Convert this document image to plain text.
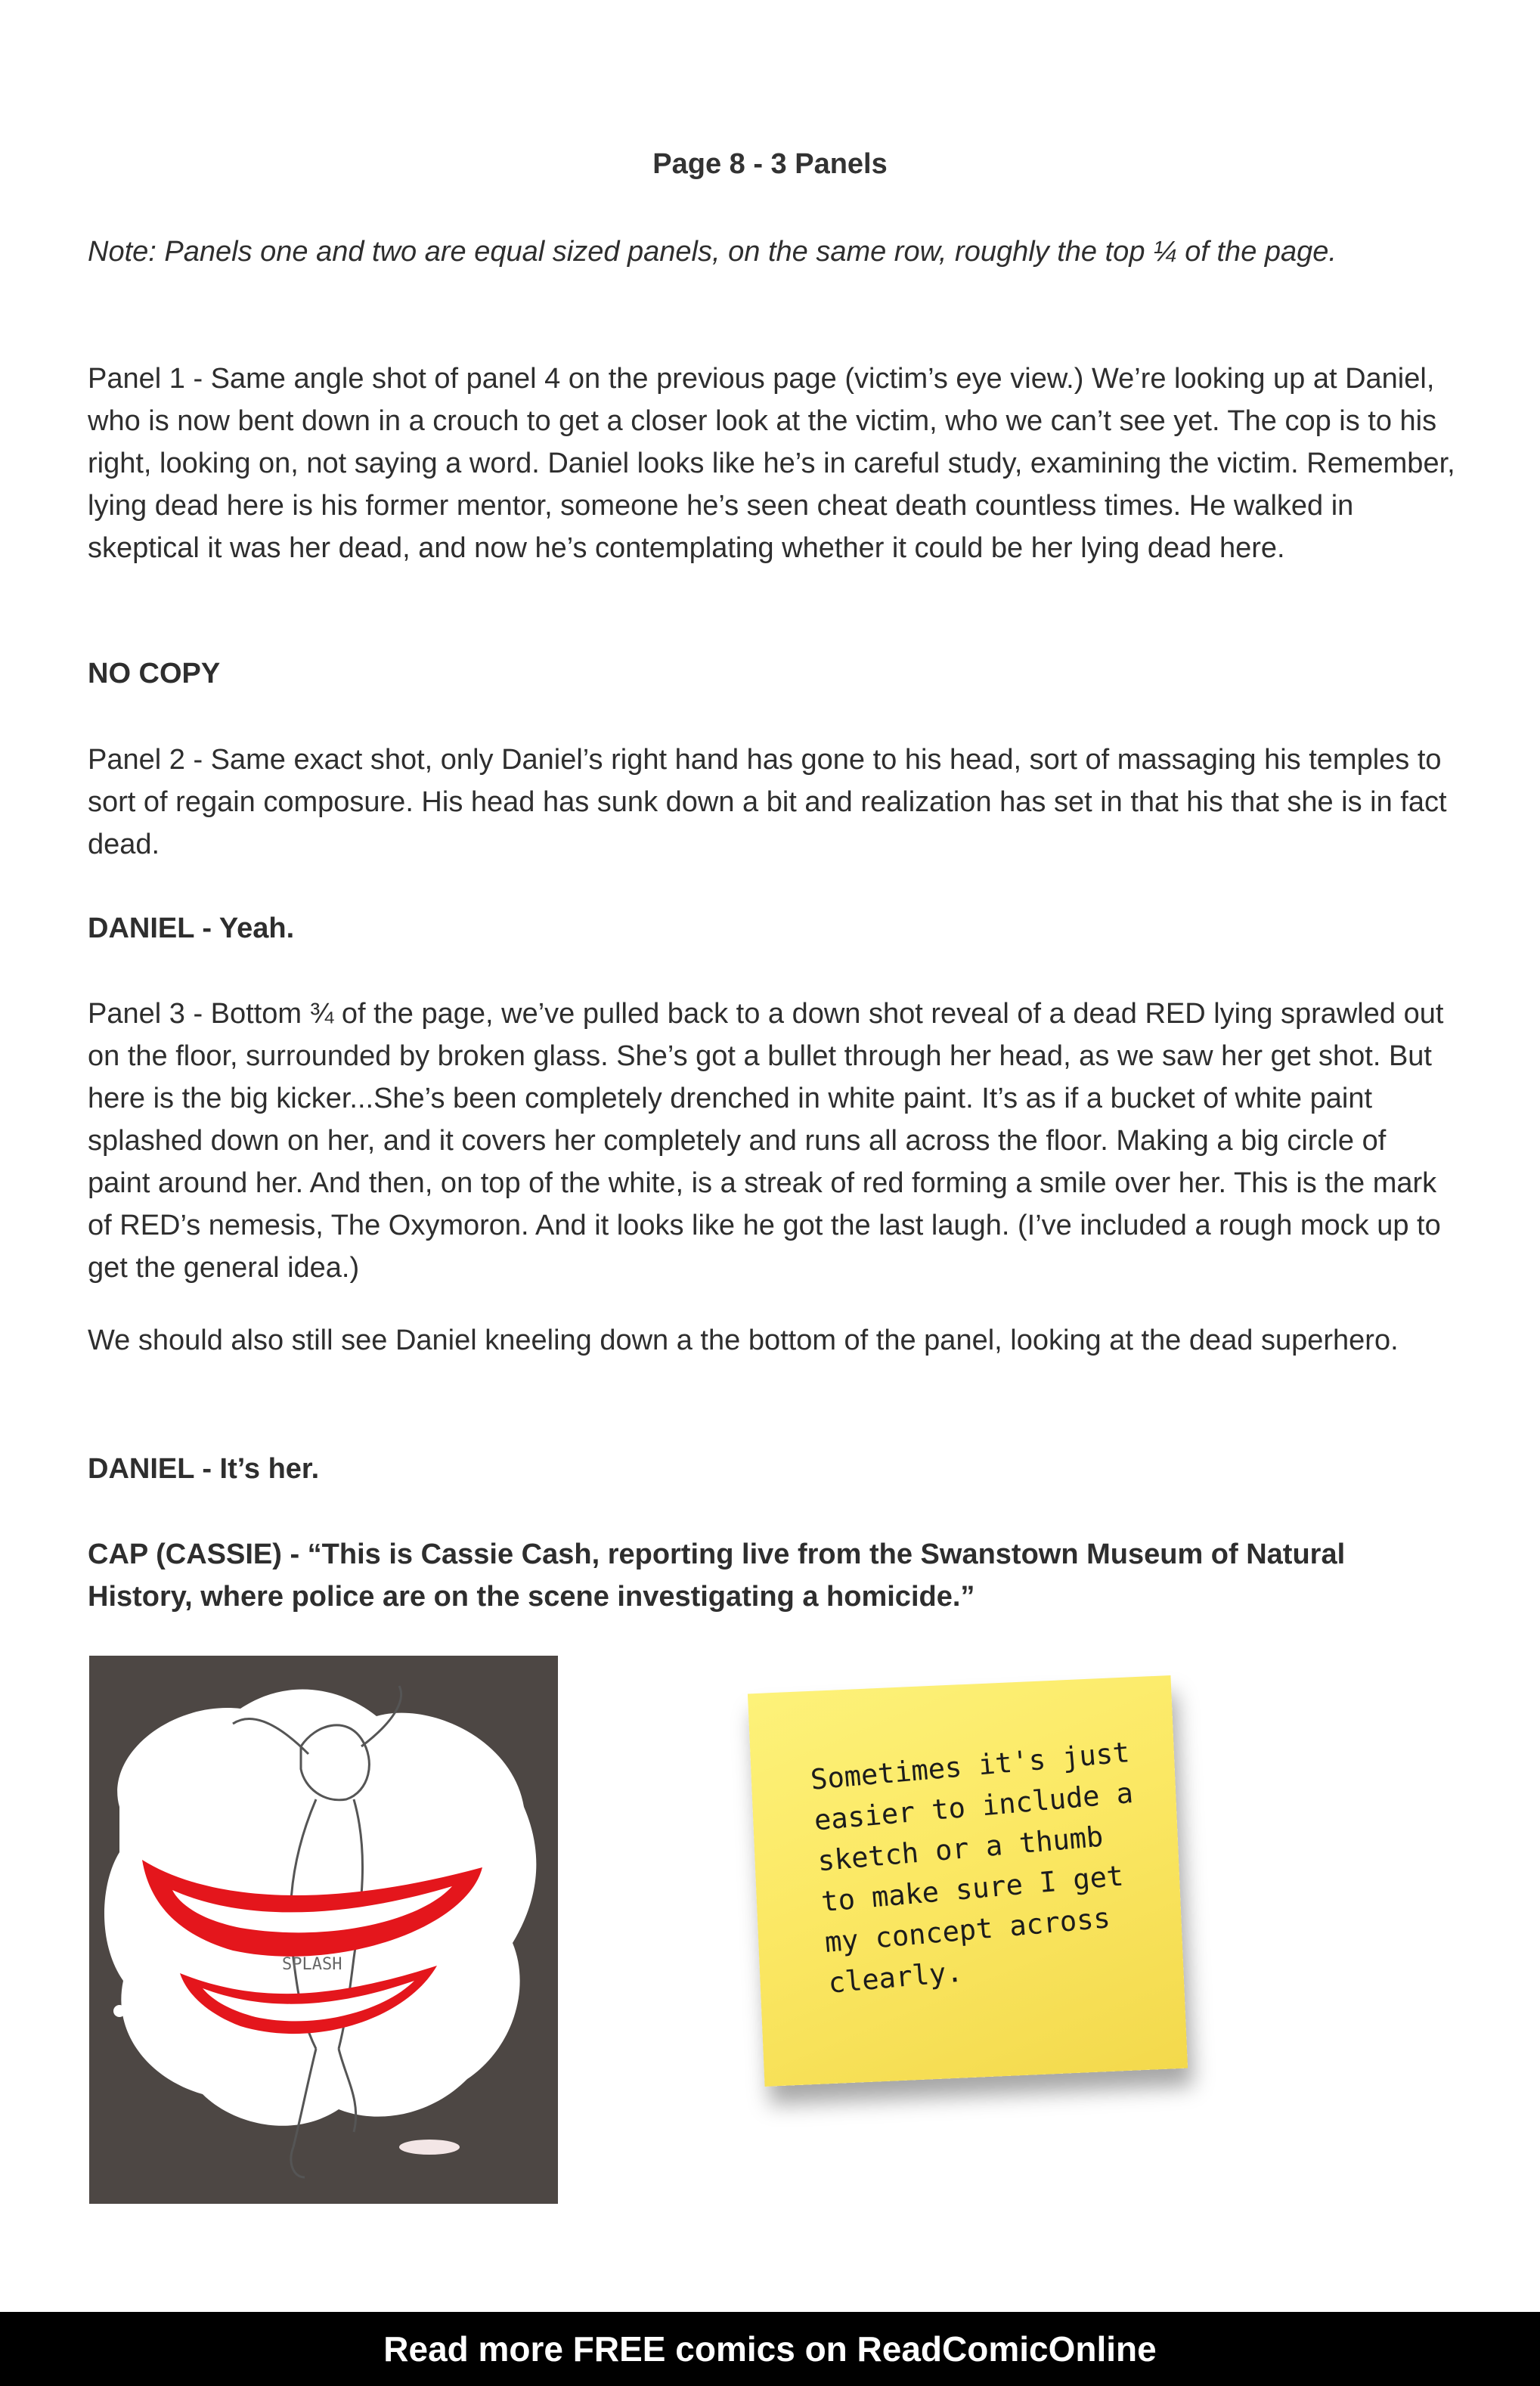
Page 8 - 3 Panels

Note: Panels one and two are equal sized panels, on the same row, roughly the top ¼ of the page.

Panel 1 - Same angle shot of panel 4 on the previous page (victim’s eye view.) We’re looking up at Daniel, who is now bent down in a crouch to get a closer look at the victim, who we can’t see yet. The cop is to his right, looking on, not saying a word. Daniel looks like he’s in careful study, examining the victim. Remember, lying dead here is his former mentor, someone he’s seen cheat death countless times. He walked in skeptical it was her dead, and now he’s contemplating whether it could be her lying dead here.

NO COPY

Panel 2 - Same exact shot, only Daniel’s right hand has gone to his head, sort of massaging his temples to sort of regain composure. His head has sunk down a bit and realization has set in that his that she is in fact dead.

DANIEL - Yeah.

Panel 3 - Bottom ¾ of the page, we’ve pulled back to a down shot reveal of a dead RED lying sprawled out on the floor, surrounded by broken glass. She’s got a bullet through her head, as we saw her get shot. But here is the big kicker...She’s been completely drenched in white paint. It’s as if a bucket of white paint splashed down on her, and it covers her completely and runs all across the floor. Making a big circle of paint around her. And then, on top of the white, is a streak of red forming a smile over her. This is the mark of RED’s nemesis, The Oxymoron. And it looks like he got the last laugh. (I’ve included a rough mock up to get the general idea.)

We should also still see Daniel kneeling down a the bottom of the panel, looking at the dead superhero.

DANIEL - It’s her.

CAP (CASSIE) - “This is Cassie Cash, reporting live from the Swanstown Museum of Natural History, where police are on the scene investigating a homicide.”

SPLASH

Sometimes it's just easier to include a sketch or a thumb to make sure I get my concept across clearly.

Read more FREE comics on ReadComicOnline
